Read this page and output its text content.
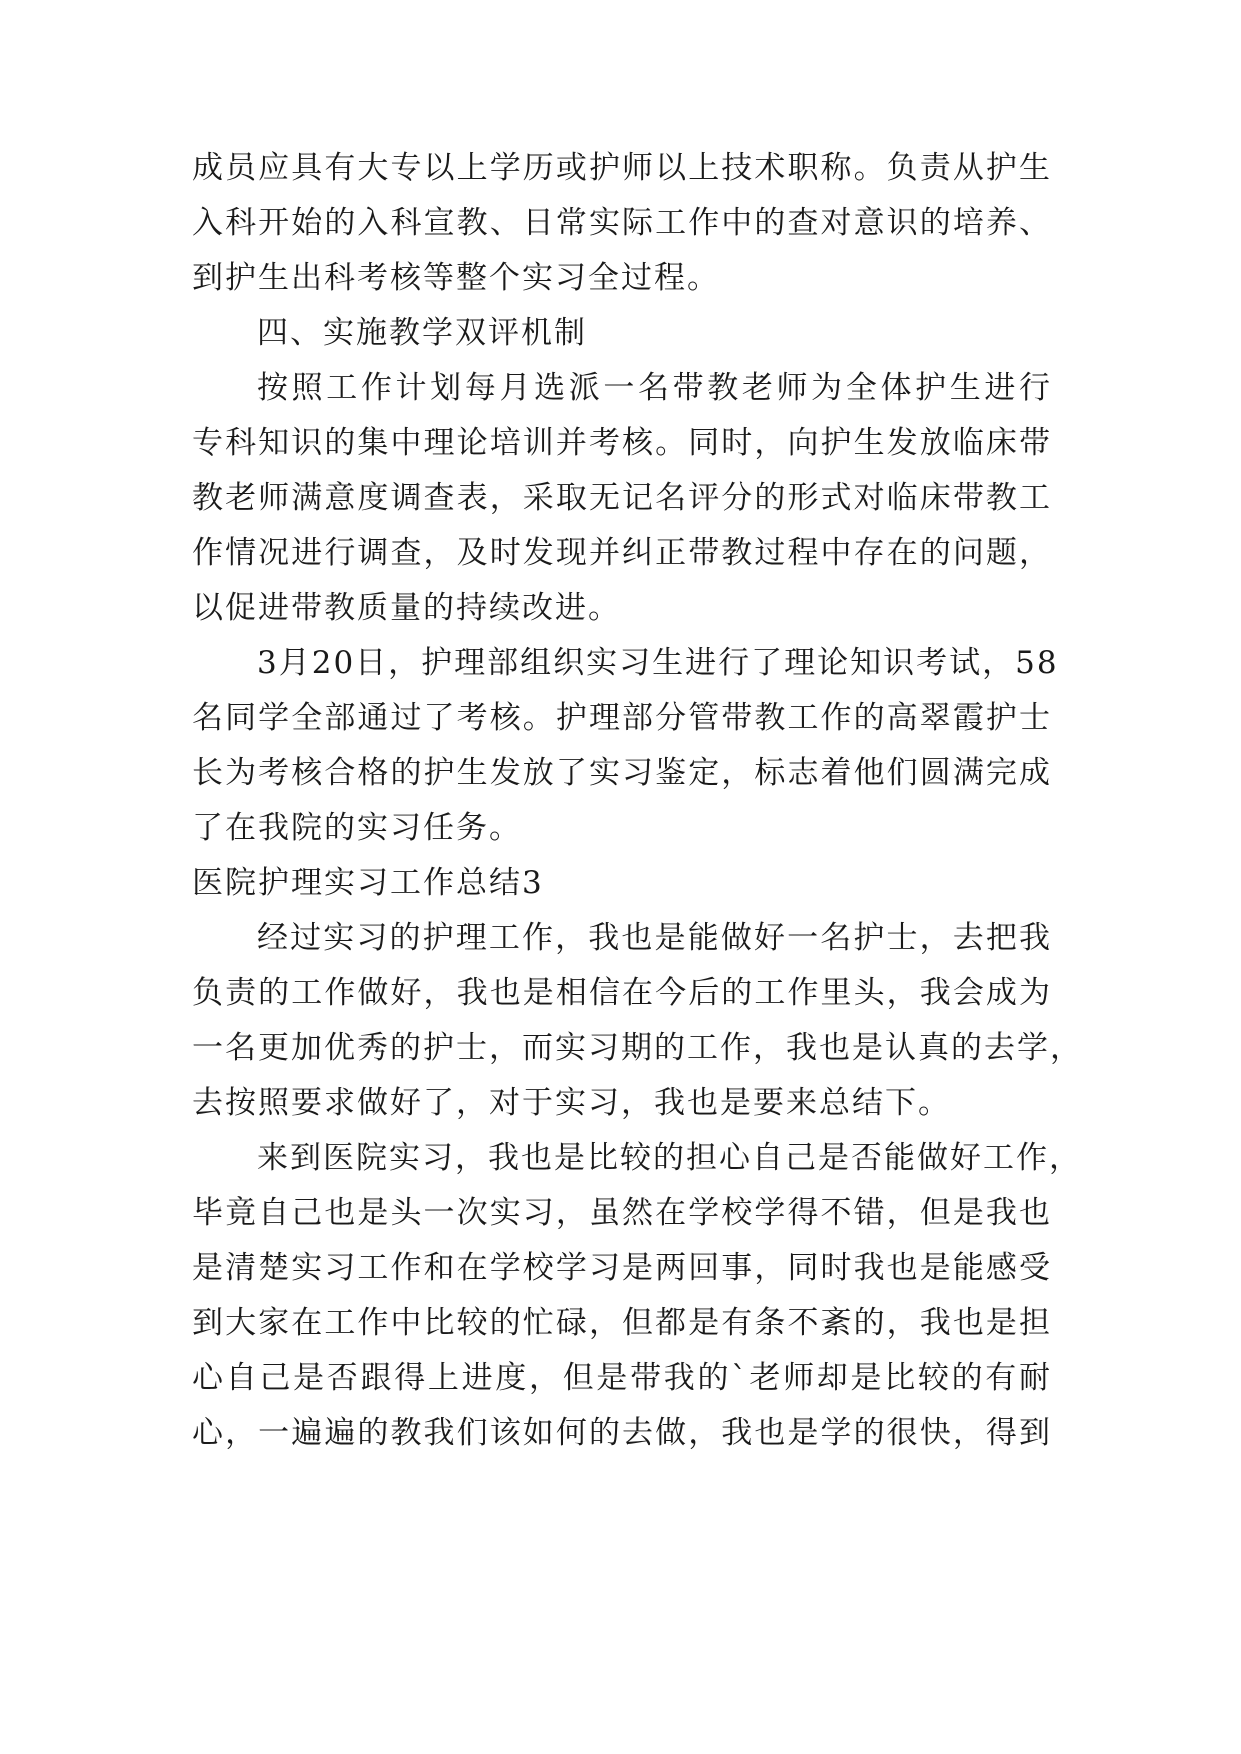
成员应具有大专以上学历或护师以上技术职称。负责从护生
入科开始的入科宣教、日常实际工作中的查对意识的培养、
到护生出科考核等整个实习全过程。
四、实施教学双评机制
按照工作计划每月选派一名带教老师为全体护生进行
专科知识的集中理论培训并考核。同时，向护生发放临床带
教老师满意度调查表，采取无记名评分的形式对临床带教工
作情况进行调查，及时发现并纠正带教过程中存在的问题，
以促进带教质量的持续改进。
3月20日，护理部组织实习生进行了理论知识考试，58
名同学全部通过了考核。护理部分管带教工作的高翠霞护士
长为考核合格的护生发放了实习鉴定，标志着他们圆满完成
了在我院的实习任务。
医院护理实习工作总结3
经过实习的护理工作，我也是能做好一名护士，去把我
负责的工作做好，我也是相信在今后的工作里头，我会成为
一名更加优秀的护士，而实习期的工作，我也是认真的去学，
去按照要求做好了，对于实习，我也是要来总结下。
来到医院实习，我也是比较的担心自己是否能做好工作，
毕竟自己也是头一次实习，虽然在学校学得不错，但是我也
是清楚实习工作和在学校学习是两回事，同时我也是能感受
到大家在工作中比较的忙碌，但都是有条不紊的，我也是担
心自己是否跟得上进度，但是带我的`老师却是比较的有耐
心，一遍遍的教我们该如何的去做，我也是学的很快，得到
